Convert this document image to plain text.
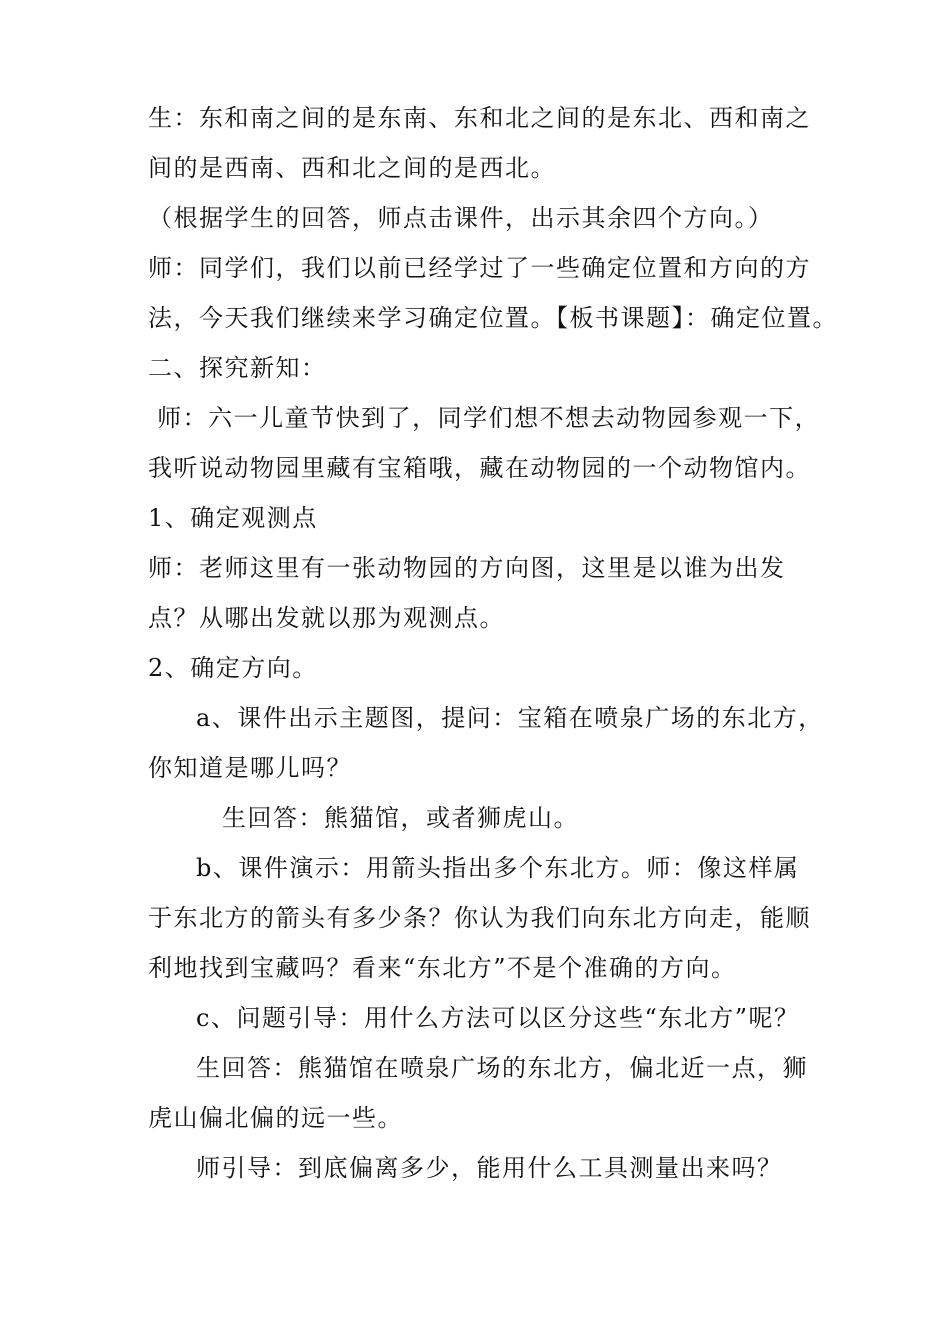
生：东和南之间的是东南、东和北之间的是东北、西和南之
间的是西南、西和北之间的是西北。
（根据学生的回答，师点击课件，出示其余四个方向。）
师：同学们，我们以前已经学过了一些确定位置和方向的方
法，今天我们继续来学习确定位置。【板书课题】：确定位置。
二、探究新知：
师：六一儿童节快到了，同学们想不想去动物园参观一下，
我听说动物园里藏有宝箱哦，藏在动物园的一个动物馆内。
1、确定观测点
师：老师这里有一张动物园的方向图，这里是以谁为出发
点？从哪出发就以那为观测点。
2、确定方向。
a、课件出示主题图，提问：宝箱在喷泉广场的东北方，
你知道是哪儿吗？
生回答：熊猫馆，或者狮虎山。
b、课件演示：用箭头指出多个东北方。师：像这样属
于东北方的箭头有多少条？你认为我们向东北方向走，能顺
利地找到宝藏吗？看来“东北方”不是个准确的方向。
c、问题引导：用什么方法可以区分这些“东北方”呢？
生回答：熊猫馆在喷泉广场的东北方，偏北近一点，狮
虎山偏北偏的远一些。
师引导：到底偏离多少，能用什么工具测量出来吗？
